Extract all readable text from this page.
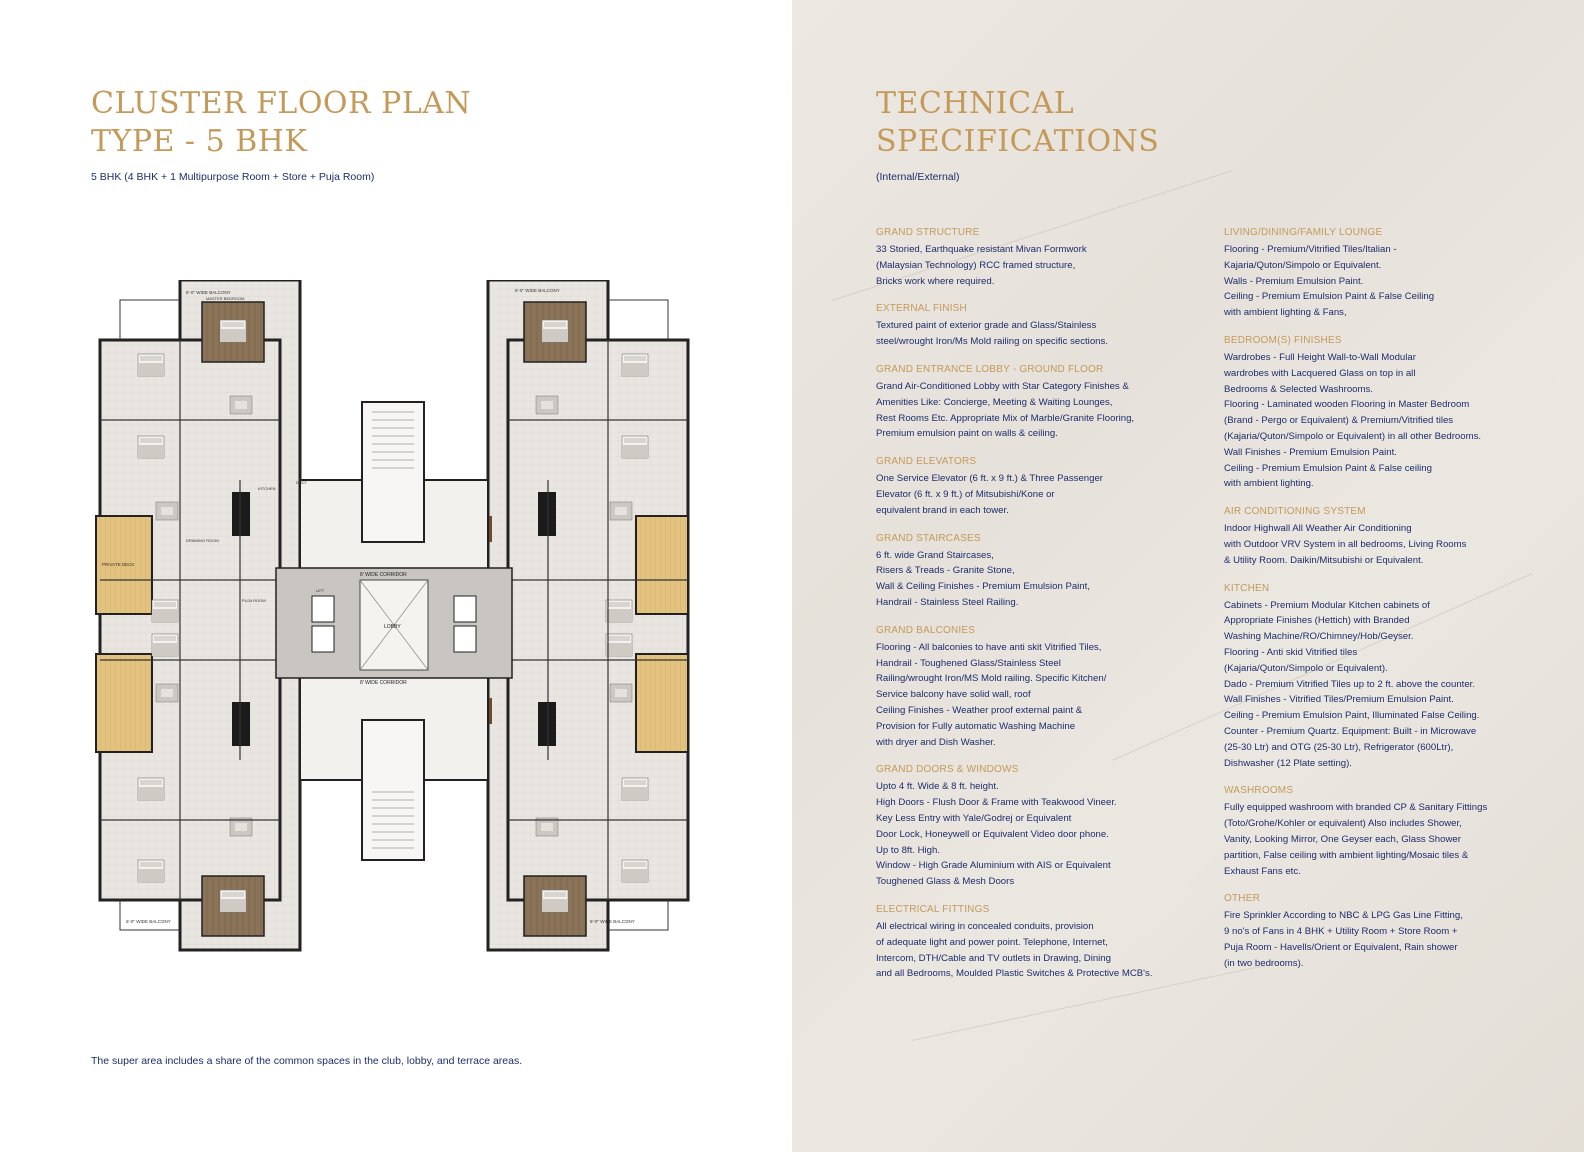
CLUSTER FLOOR PLAN
TYPE - 5 BHK
5 BHK (4 BHK + 1 Multipurpose Room + Store + Puja Room)
8' WIDE CORRIDOR
8' WIDE CORRIDOR
LOBBY
6'-0" WIDE BALCONY	6'-0" WIDE BALCONY
6'-0" WIDE BALCONY	6'-0" WIDE BALCONY
PRIVATE DECK
LIFT
DUCT
MASTER BEDROOM
DRAWING ROOM
PUJA ROOM
KITCHEN
The super area includes a share of the common spaces in the club, lobby, and terrace areas.
TECHNICAL
SPECIFICATIONS
(Internal/External)
GRAND STRUCTURE
33 Storied, Earthquake resistant Mivan Formwork
(Malaysian Technology) RCC framed structure,
Bricks work where required.
EXTERNAL FINISH
Textured paint of exterior grade and Glass/Stainless
steel/wrought Iron/Ms Mold railing on specific sections.
GRAND ENTRANCE LOBBY - GROUND FLOOR
Grand Air-Conditioned Lobby with Star Category Finishes &
Amenities Like: Concierge, Meeting & Waiting Lounges,
Rest Rooms Etc. Appropriate Mix of Marble/Granite Flooring,
Premium emulsion paint on walls & ceiling.
GRAND ELEVATORS
One Service Elevator (6 ft. x 9 ft.) & Three Passenger
Elevator (6 ft. x 9 ft.) of Mitsubishi/Kone or
equivalent brand in each tower.
GRAND STAIRCASES
6 ft. wide Grand Staircases,
Risers & Treads - Granite Stone,
Wall & Ceiling Finishes - Premium Emulsion Paint,
Handrail - Stainless Steel Railing.
GRAND BALCONIES
Flooring - All balconies to have anti skit Vitrified Tiles,
Handrail - Toughened Glass/Stainless Steel
Railing/wrought Iron/MS Mold railing. Specific Kitchen/
Service balcony have solid wall, roof
Ceiling Finishes - Weather proof external paint &
Provision for Fully automatic Washing Machine
with dryer and Dish Washer.
GRAND DOORS & WINDOWS
Upto 4 ft. Wide & 8 ft. height.
High Doors - Flush Door & Frame with Teakwood Vineer.
Key Less Entry with Yale/Godrej or Equivalent
Door Lock, Honeywell or Equivalent Video door phone.
Up to 8ft. High.
Window - High Grade Aluminium with AIS or Equivalent
Toughened Glass & Mesh Doors
ELECTRICAL FITTINGS
All electrical wiring in concealed conduits, provision
of adequate light and power point. Telephone, Internet,
Intercom, DTH/Cable and TV outlets in Drawing, Dining
and all Bedrooms, Moulded Plastic Switches & Protective MCB's.
LIVING/DINING/FAMILY LOUNGE
Flooring - Premium/Vitrified Tiles/Italian -
Kajaria/Quton/Simpolo or Equivalent.
Walls - Premium Emulsion Paint.
Ceiling - Premium Emulsion Paint & False Ceiling
with ambient lighting & Fans,
BEDROOM(S) FINISHES
Wardrobes - Full Height Wall-to-Wall Modular
wardrobes with Lacquered Glass on top in all
Bedrooms & Selected Washrooms.
Flooring - Laminated wooden Flooring in Master Bedroom
(Brand - Pergo or Equivalent) & Premium/Vitrified tiles
(Kajaria/Quton/Simpolo or Equivalent) in all other Bedrooms.
Wall Finishes - Premium Emulsion Paint.
Ceiling - Premium Emulsion Paint & False ceiling
with ambient lighting.
AIR CONDITIONING SYSTEM
Indoor Highwall All Weather Air Conditioning
with Outdoor VRV System in all bedrooms, Living Rooms
& Utility Room. Daikin/Mitsubishi or Equivalent.
KITCHEN
Cabinets - Premium Modular Kitchen cabinets of
Appropriate Finishes (Hettich) with Branded
Washing Machine/RO/Chimney/Hob/Geyser.
Flooring - Anti skid Vitrified tiles
(Kajaria/Quton/Simpolo or Equivalent).
Dado - Premium Vitrified Tiles up to 2 ft. above the counter.
Wall Finishes - Vitrified Tiles/Premium Emulsion Paint.
Ceiling - Premium Emulsion Paint, Illuminated False Ceiling.
Counter - Premium Quartz. Equipment: Built - in Microwave
(25-30 Ltr) and OTG (25-30 Ltr), Refrigerator (600Ltr),
Dishwasher (12 Plate setting).
WASHROOMS
Fully equipped washroom with branded CP & Sanitary Fittings
(Toto/Grohe/Kohler or equivalent) Also includes Shower,
Vanity, Looking Mirror, One Geyser each, Glass Shower
partition, False ceiling with ambient lighting/Mosaic tiles &
Exhaust Fans etc.
OTHER
Fire Sprinkler According to NBC & LPG Gas Line Fitting,
9 no's of Fans in 4 BHK + Utility Room + Store Room +
Puja Room - Havells/Orient or Equivalent, Rain shower
(in two bedrooms).
